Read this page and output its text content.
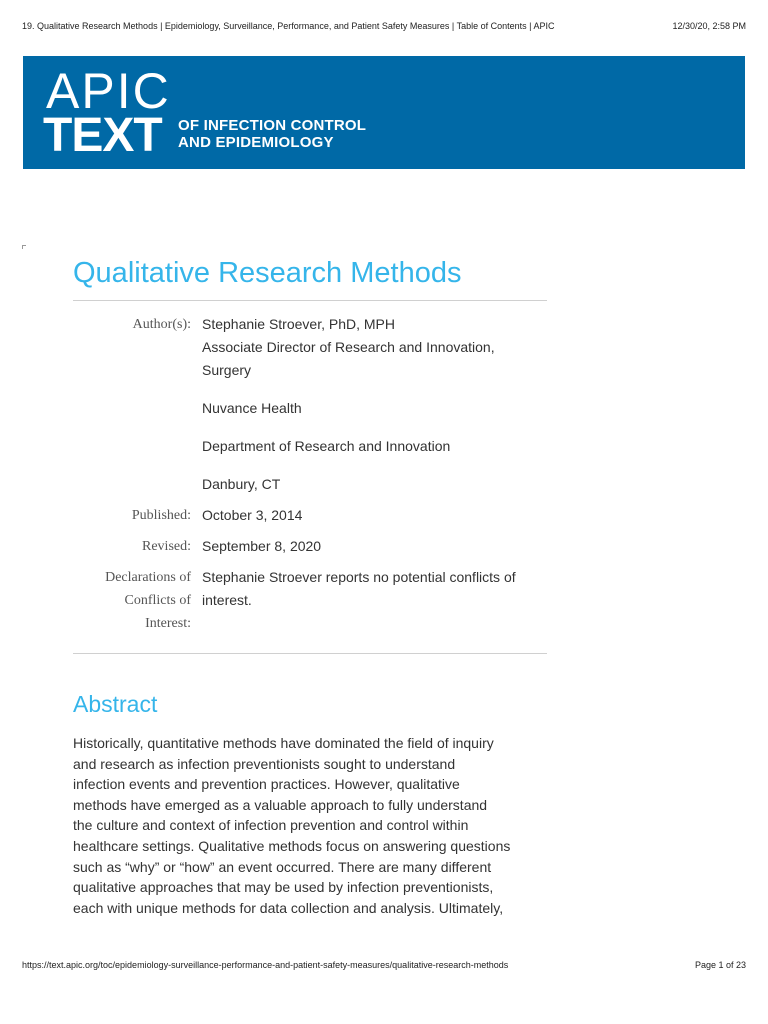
19. Qualitative Research Methods | Epidemiology, Surveillance, Performance, and Patient Safety Measures | Table of Contents | APIC	12/30/20, 2:58 PM
APIC
TEXT OF INFECTION CONTROL
AND EPIDEMIOLOGY
Qualitative Research Methods
Author(s): Stephanie Stroever, PhD, MPH
Associate Director of Research and Innovation,
Surgery
Nuvance Health
Department of Research and Innovation
Danbury, CT
Published: October 3, 2014
Revised: September 8, 2020
Declarations of
Conflicts of
Interest:
Stephanie Stroever reports no potential conflicts of
interest.
Abstract
Historically, quantitative methods have dominated the field of inquiry
and research as infection preventionists sought to understand
infection events and prevention practices. However, qualitative
methods have emerged as a valuable approach to fully understand
the culture and context of infection prevention and control within
healthcare settings. Qualitative methods focus on answering questions
such as “why” or “how” an event occurred. There are many different
qualitative approaches that may be used by infection preventionists,
each with unique methods for data collection and analysis. Ultimately,
https://text.apic.org/toc/epidemiology-surveillance-performance-and-patient-safety-measures/qualitative-research-methods	Page 1 of 23
